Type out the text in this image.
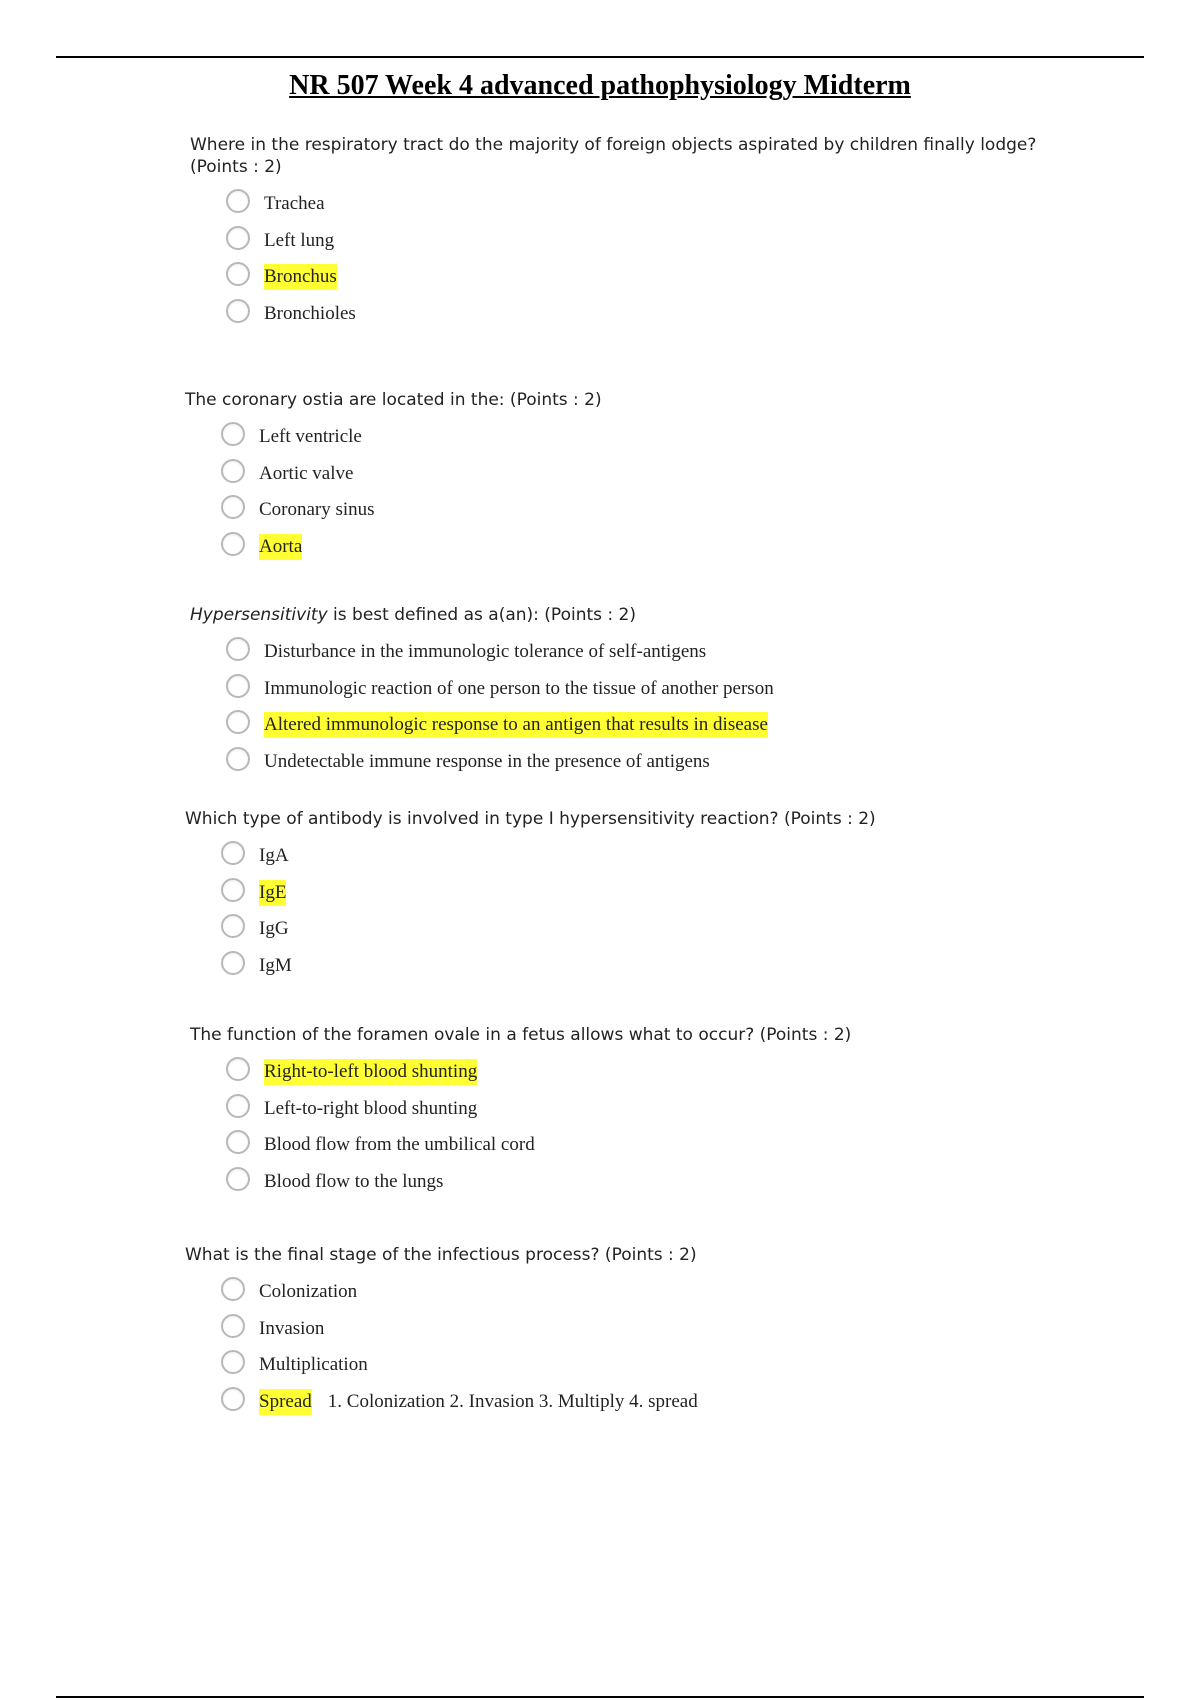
NR 507 Week 4 advanced pathophysiology Midterm

Where in the respiratory tract do the majority of foreign objects aspirated by children finally lodge? (Points : 2)

Trachea
Left lung
Bronchus
Bronchioles

The coronary ostia are located in the: (Points : 2)

Left ventricle
Aortic valve
Coronary sinus
Aorta

Hypersensitivity is best defined as a(an): (Points : 2)

Disturbance in the immunologic tolerance of self-antigens
Immunologic reaction of one person to the tissue of another person
Altered immunologic response to an antigen that results in disease
Undetectable immune response in the presence of antigens

Which type of antibody is involved in type I hypersensitivity reaction? (Points : 2)

IgA
IgE
IgG
IgM

The function of the foramen ovale in a fetus allows what to occur? (Points : 2)

Right-to-left blood shunting
Left-to-right blood shunting
Blood flow from the umbilical cord
Blood flow to the lungs

What is the final stage of the infectious process? (Points : 2)

Colonization
Invasion
Multiplication
Spread 1. Colonization 2. Invasion 3. Multiply 4. spread
